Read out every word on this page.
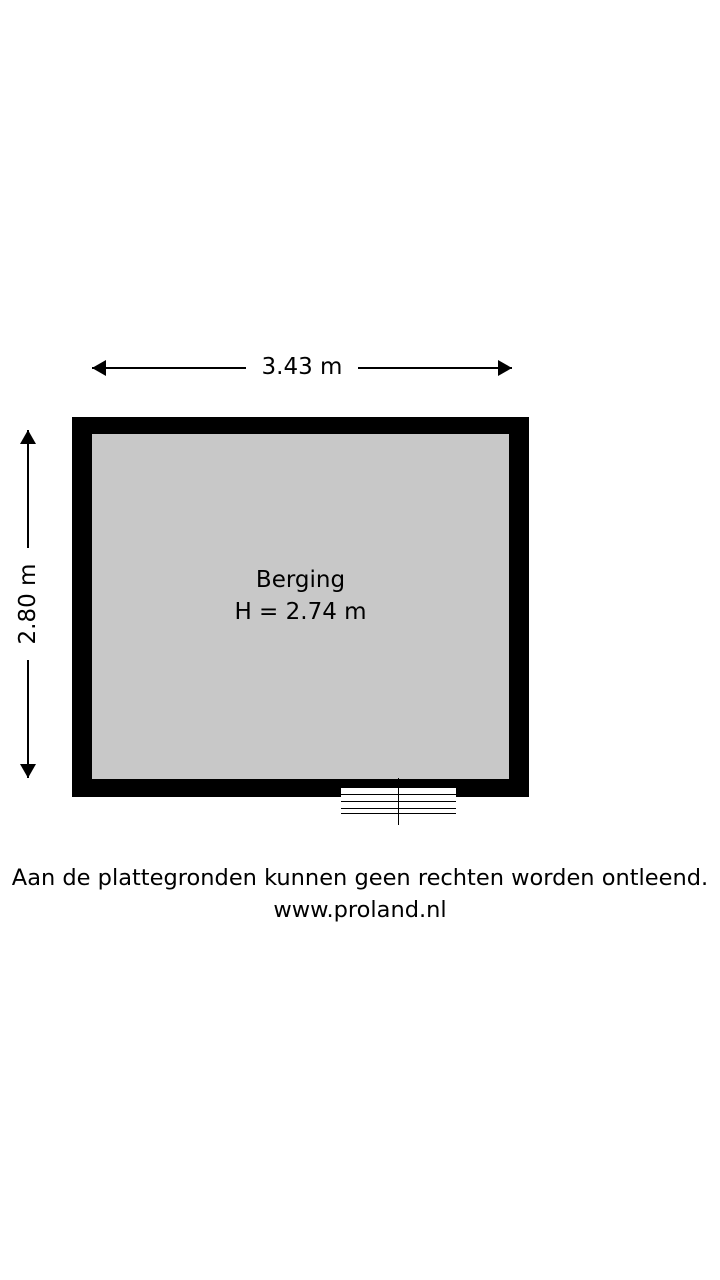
3.43 m
2.80 m	Berging
H = 2.74 m
Aan de plattegronden kunnen geen rechten worden ontleend.
www.proland.nl
